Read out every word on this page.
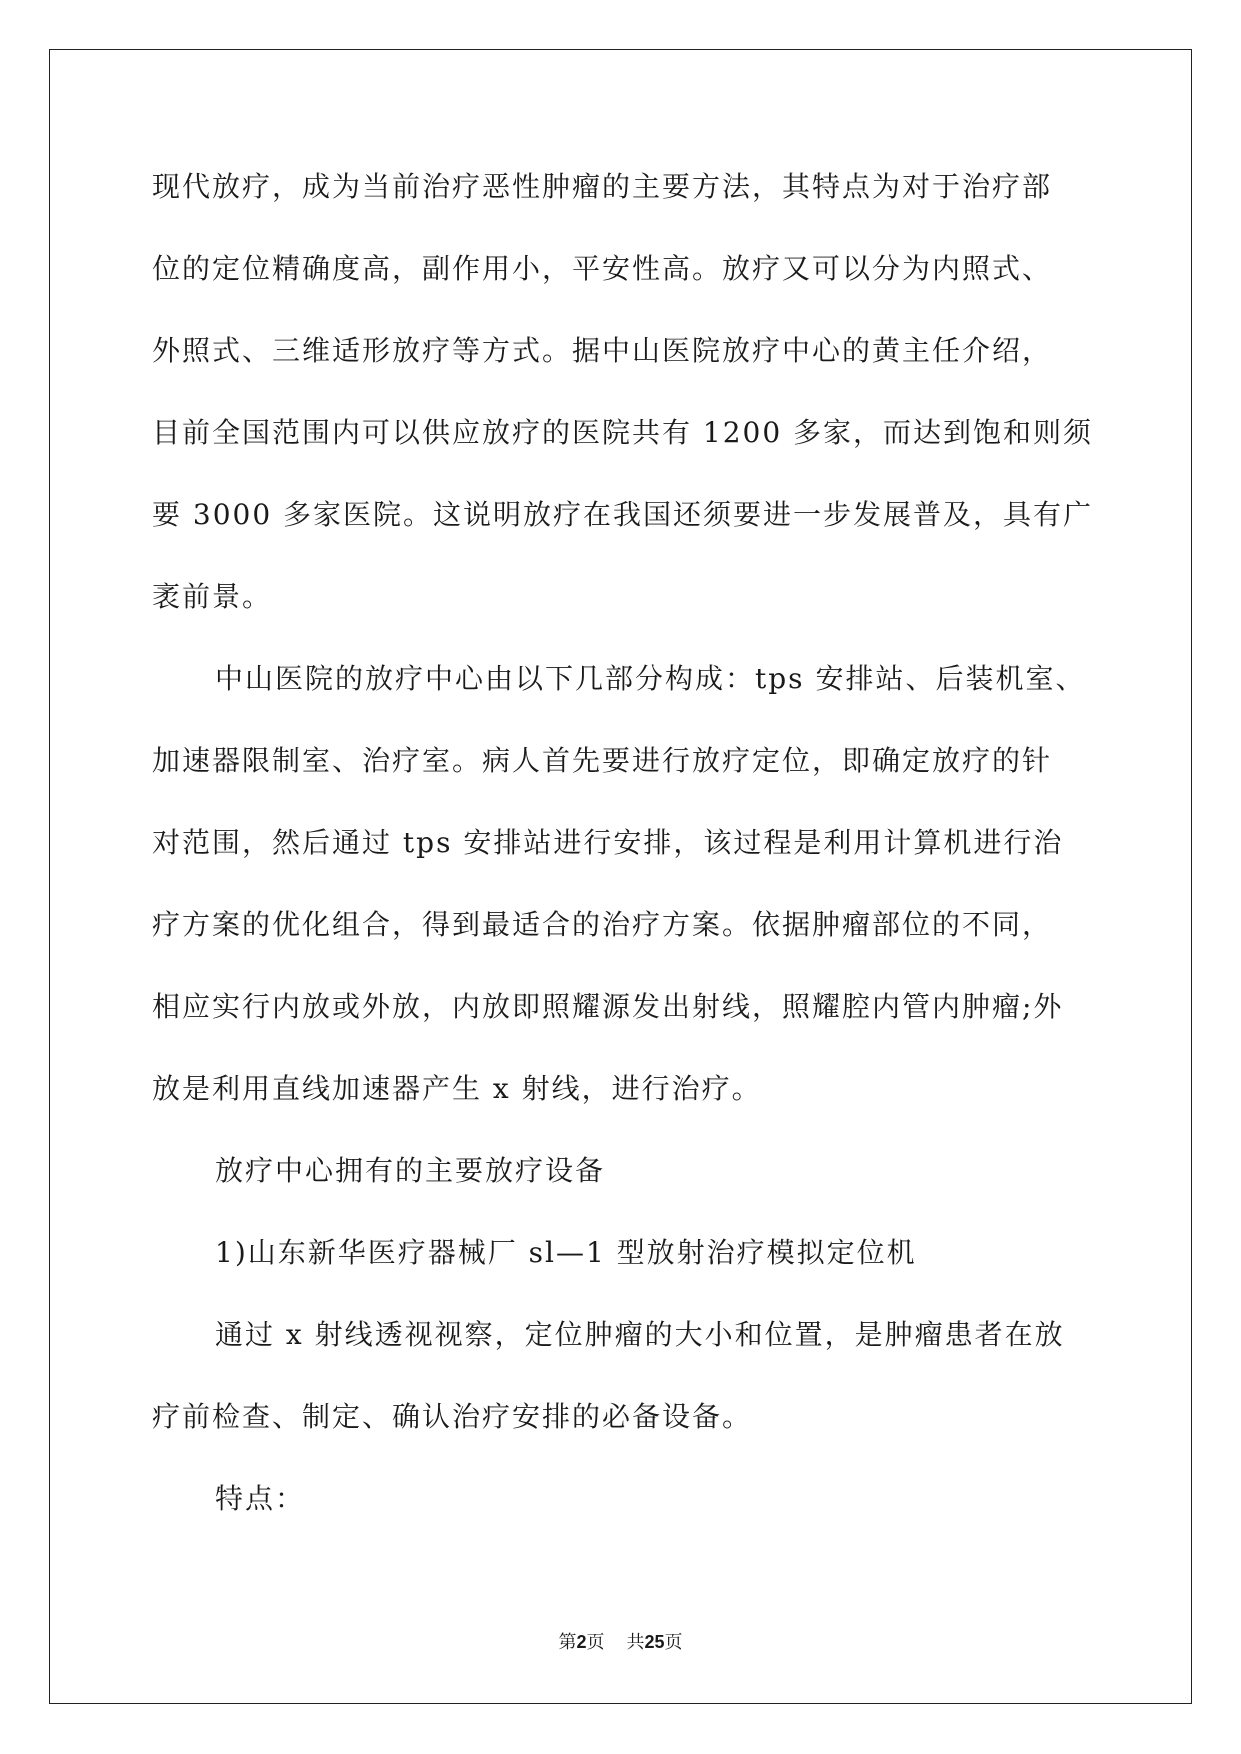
现代放疗，成为当前治疗恶性肿瘤的主要方法，其特点为对于治疗部
位的定位精确度高，副作用小，平安性高。放疗又可以分为内照式、
外照式、三维适形放疗等方式。据中山医院放疗中心的黄主任介绍，
目前全国范围内可以供应放疗的医院共有 1200 多家，而达到饱和则须
要 3000 多家医院。这说明放疗在我国还须要进一步发展普及，具有广
袤前景。
中山医院的放疗中心由以下几部分构成：tps 安排站、后装机室、
加速器限制室、治疗室。病人首先要进行放疗定位，即确定放疗的针
对范围，然后通过 tps 安排站进行安排，该过程是利用计算机进行治
疗方案的优化组合，得到最适合的治疗方案。依据肿瘤部位的不同，
相应实行内放或外放，内放即照耀源发出射线，照耀腔内管内肿瘤;外
放是利用直线加速器产生 x 射线，进行治疗。
放疗中心拥有的主要放疗设备
1)山东新华医疗器械厂 sl—1 型放射治疗模拟定位机
通过 x 射线透视视察，定位肿瘤的大小和位置，是肿瘤患者在放
疗前检查、制定、确认治疗安排的必备设备。
特点：
第2页 共25页
